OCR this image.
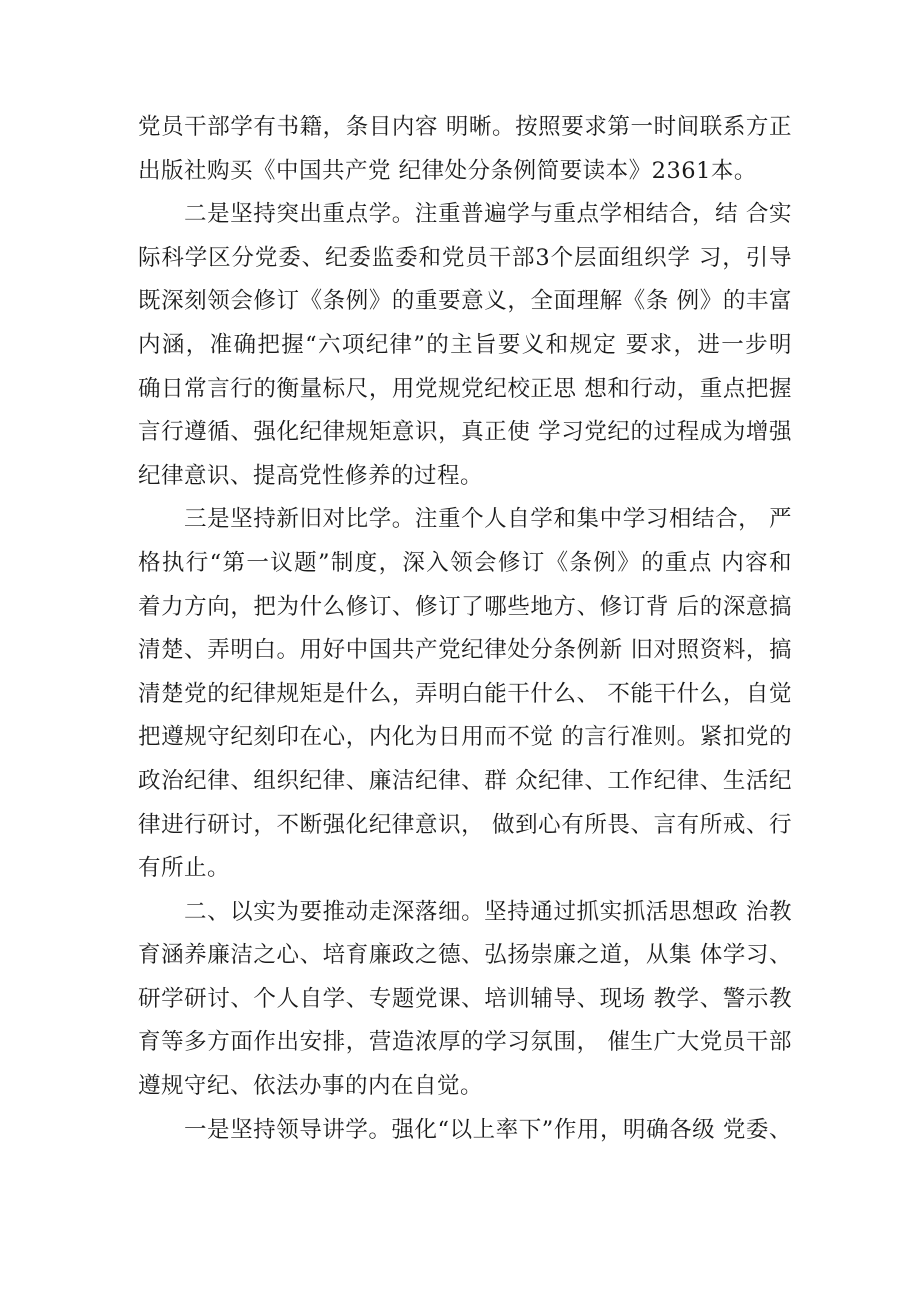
党员干部学有书籍，条目内容 明晰。按照要求第一时间联系方正
出版社购买《中国共产党 纪律处分条例简要读本》2361本。
二是坚持突出重点学。注重普遍学与重点学相结合，结 合实
际科学区分党委、纪委监委和党员干部3个层面组织学 习，引导
既深刻领会修订《条例》的重要意义，全面理解《条 例》的丰富
内涵，准确把握“六项纪律”的主旨要义和规定 要求，进一步明
确日常言行的衡量标尺，用党规党纪校正思 想和行动，重点把握
言行遵循、强化纪律规矩意识，真正使 学习党纪的过程成为增强
纪律意识、提高党性修养的过程。
三是坚持新旧对比学。注重个人自学和集中学习相结合， 严
格执行“第一议题”制度，深入领会修订《条例》的重点 内容和
着力方向，把为什么修订、修订了哪些地方、修订背 后的深意搞
清楚、弄明白。用好中国共产党纪律处分条例新 旧对照资料，搞
清楚党的纪律规矩是什么，弄明白能干什么、 不能干什么，自觉
把遵规守纪刻印在心，内化为日用而不觉 的言行准则。紧扣党的
政治纪律、组织纪律、廉洁纪律、群 众纪律、工作纪律、生活纪
律进行研讨，不断强化纪律意识， 做到心有所畏、言有所戒、行
有所止。
二、以实为要推动走深落细。坚持通过抓实抓活思想政 治教
育涵养廉洁之心、培育廉政之德、弘扬崇廉之道，从集 体学习、
研学研讨、个人自学、专题党课、培训辅导、现场 教学、警示教
育等多方面作出安排，营造浓厚的学习氛围， 催生广大党员干部
遵规守纪、依法办事的内在自觉。
一是坚持领导讲学。强化“以上率下”作用，明确各级 党委、
